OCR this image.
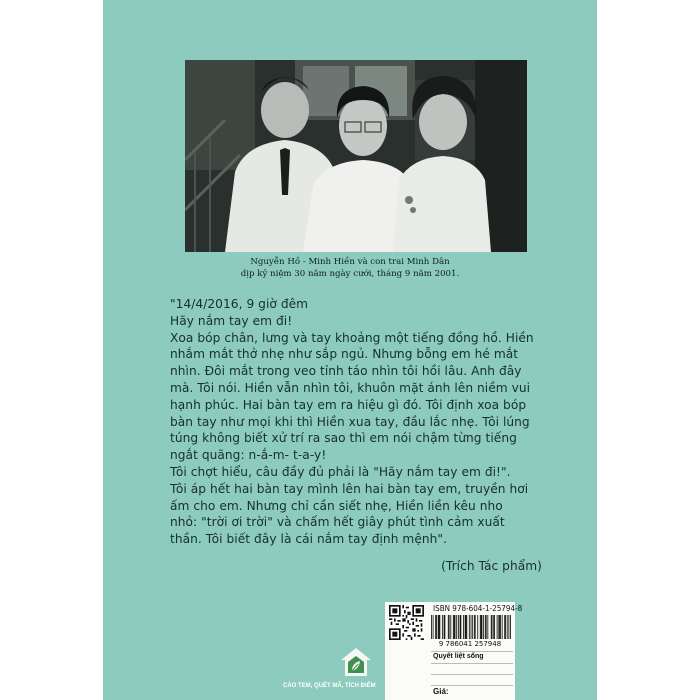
Nguyễn Hồ - Minh Hiền và con trai Minh Dân
dịp kỷ niệm 30 năm ngày cưới, tháng 9 năm 2001.
"14/4/2016, 9 giờ đêm
Hãy nắm tay em đi!
Xoa bóp chân, lưng và tay khoảng một tiếng đồng hồ. Hiền
nhắm mắt thở nhẹ như sắp ngủ. Nhưng bỗng em hé mắt
nhìn. Đôi mắt trong veo tỉnh táo nhìn tôi hồi lâu. Anh đây
mà. Tôi nói. Hiền vẫn nhìn tôi, khuôn mặt ánh lên niềm vui
hạnh phúc. Hai bàn tay em ra hiệu gì đó. Tôi định xoa bóp
bàn tay như mọi khi thì Hiền xua tay, đầu lắc nhẹ. Tôi lúng
túng không biết xử trí ra sao thì em nói chậm từng tiếng
ngắt quãng: n-ắ-m- t-a-y!
Tôi chợt hiểu, câu đầy đủ phải là "Hãy nắm tay em đi!".
Tôi áp hết hai bàn tay mình lên hai bàn tay em, truyền hơi
ấm cho em. Nhưng chỉ cần siết nhẹ, Hiền liền kêu nho
nhỏ: "trời ơi trời" và chấm hết giây phút tình cảm xuất
thần. Tôi biết đây là cái nắm tay định mệnh".
(Trích Tác phẩm)
ISBN 978-604-1-25794-8
9 786041 257948
Quyết liệt sống
Giá:
CÀO TEM, QUÉT MÃ, TÍCH ĐIỂM
